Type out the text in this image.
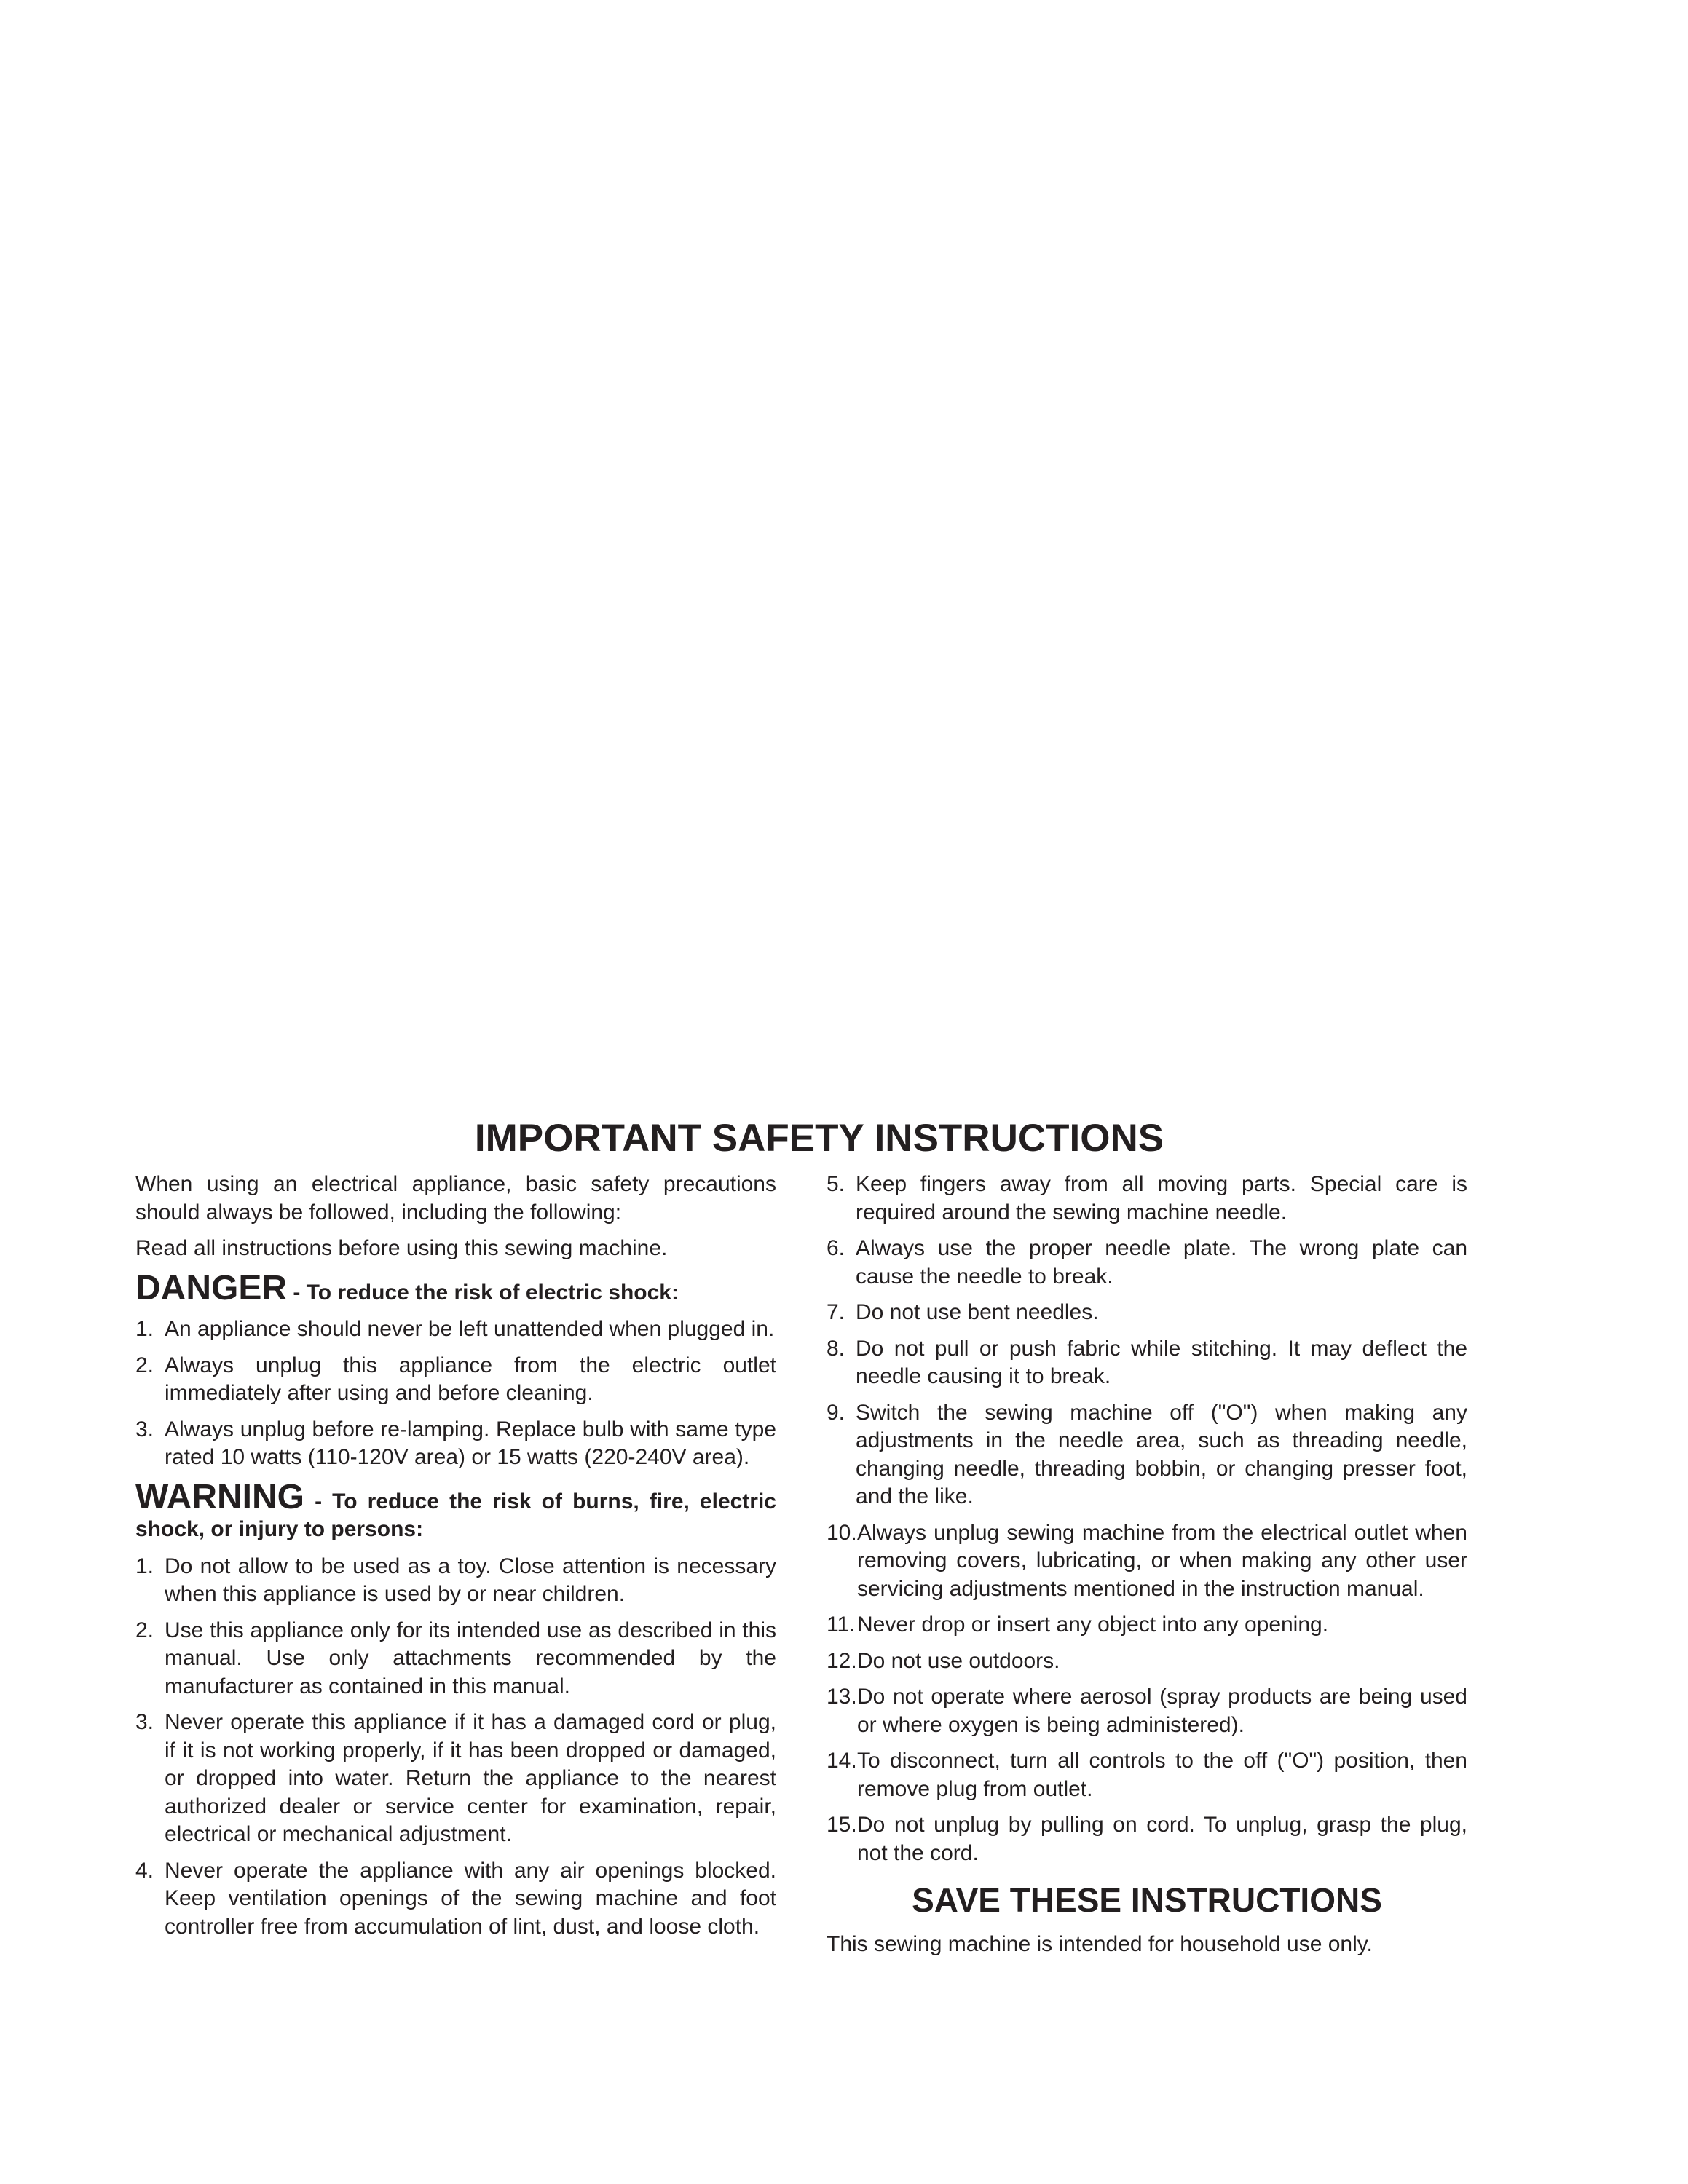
IMPORTANT SAFETY INSTRUCTIONS

When using an electrical appliance, basic safety precautions should always be followed, including the following:

Read all instructions before using this sewing machine.

DANGER - To reduce the risk of electric shock:
1. An appliance should never be left unattended when plugged in.
2. Always unplug this appliance from the electric outlet immediately after using and before cleaning.
3. Always unplug before re-lamping. Replace bulb with same type rated 10 watts (110-120V area) or 15 watts (220-240V area).
WARNING - To reduce the risk of burns, fire, electric shock, or injury to persons:
1. Do not allow to be used as a toy. Close attention is necessary when this appliance is used by or near children.
2. Use this appliance only for its intended use as described in this manual. Use only attachments recommended by the manufacturer as contained in this manual.
3. Never operate this appliance if it has a damaged cord or plug, if it is not working properly, if it has been dropped or damaged, or dropped into water. Return the appliance to the nearest authorized dealer or service center for examination, repair, electrical or mechanical adjustment.
4. Never operate the appliance with any air openings blocked. Keep ventilation openings of the sewing machine and foot controller free from accumulation of lint, dust, and loose cloth.
5. Keep fingers away from all moving parts. Special care is required around the sewing machine needle.
6. Always use the proper needle plate. The wrong plate can cause the needle to break.
7. Do not use bent needles.
8. Do not pull or push fabric while stitching. It may deflect the needle causing it to break.
9. Switch the sewing machine off ("O") when making any adjustments in the needle area, such as threading needle, changing needle, threading bobbin, or changing presser foot, and the like.
10. Always unplug sewing machine from the electrical outlet when removing covers, lubricating, or when making any other user servicing adjustments mentioned in the instruction manual.
11. Never drop or insert any object into any opening.
12. Do not use outdoors.
13. Do not operate where aerosol (spray products are being used or where oxygen is being administered).
14. To disconnect, turn all controls to the off ("O") position, then remove plug from outlet.
15. Do not unplug by pulling on cord. To unplug, grasp the plug, not the cord.
SAVE THESE INSTRUCTIONS

This sewing machine is intended for household use only.
